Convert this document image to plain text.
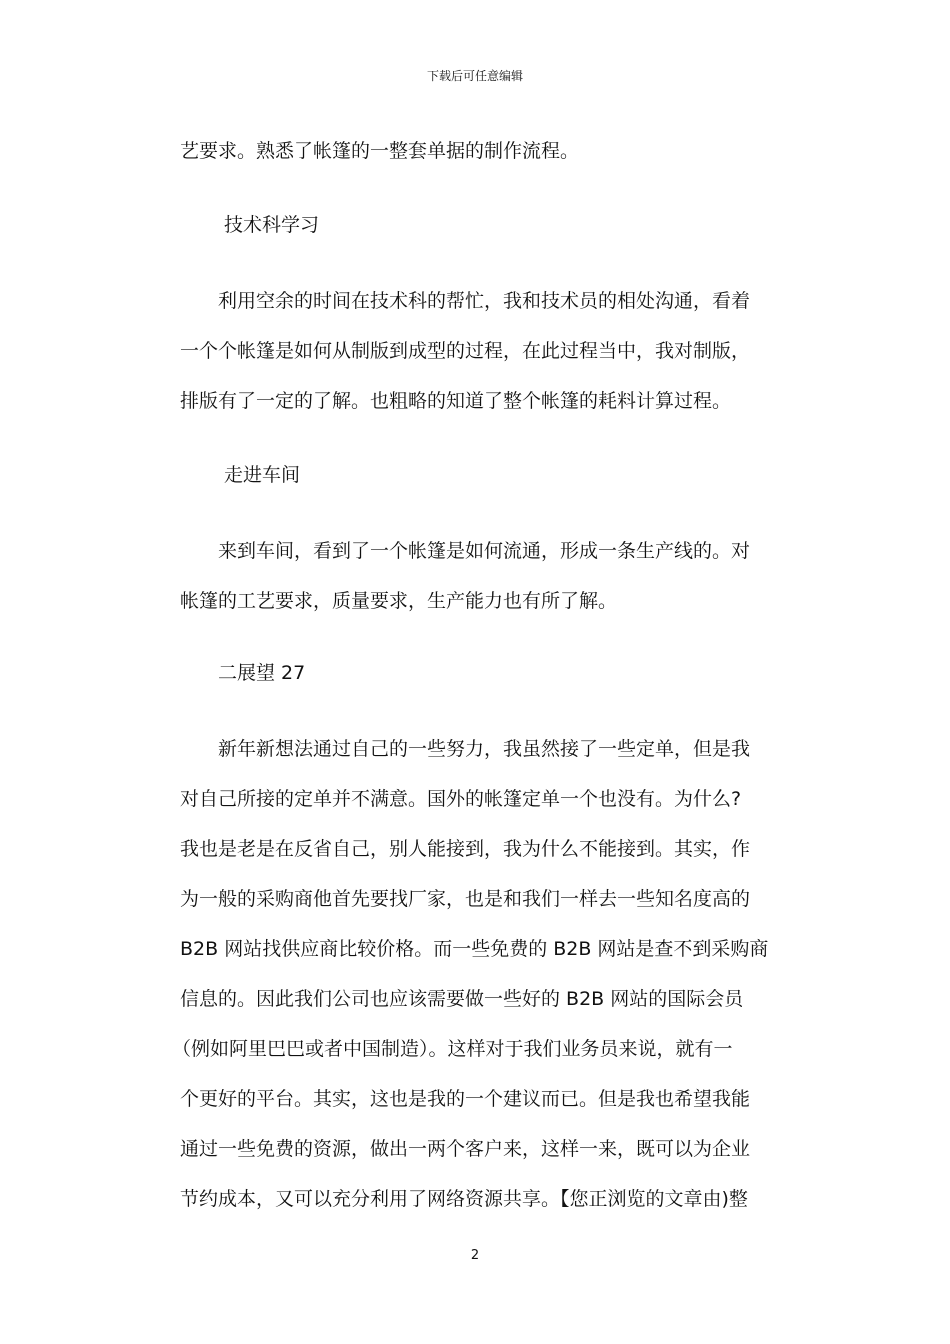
下载后可任意编辑
艺要求。熟悉了帐篷的一整套单据的制作流程。
技术科学习
利用空余的时间在技术科的帮忙，我和技术员的相处沟通，看着
一个个帐篷是如何从制版到成型的过程，在此过程当中，我对制版，
排版有了一定的了解。也粗略的知道了整个帐篷的耗料计算过程。
走进车间
来到车间，看到了一个帐篷是如何流通，形成一条生产线的。对
帐篷的工艺要求，质量要求，生产能力也有所了解。
二展望 27
新年新想法通过自己的一些努力，我虽然接了一些定单，但是我
对自己所接的定单并不满意。国外的帐篷定单一个也没有。为什么?
我也是老是在反省自己，别人能接到，我为什么不能接到。其实，作
为一般的采购商他首先要找厂家，也是和我们一样去一些知名度高的
B2B 网站找供应商比较价格。而一些免费的 B2B 网站是查不到采购商
信息的。因此我们公司也应该需要做一些好的 B2B 网站的国际会员
（例如阿里巴巴或者中国制造）。这样对于我们业务员来说，就有一
个更好的平台。其实，这也是我的一个建议而已。但是我也希望我能
通过一些免费的资源，做出一两个客户来，这样一来，既可以为企业
节约成本，又可以充分利用了网络资源共享。【您正浏览的文章由)整
2
